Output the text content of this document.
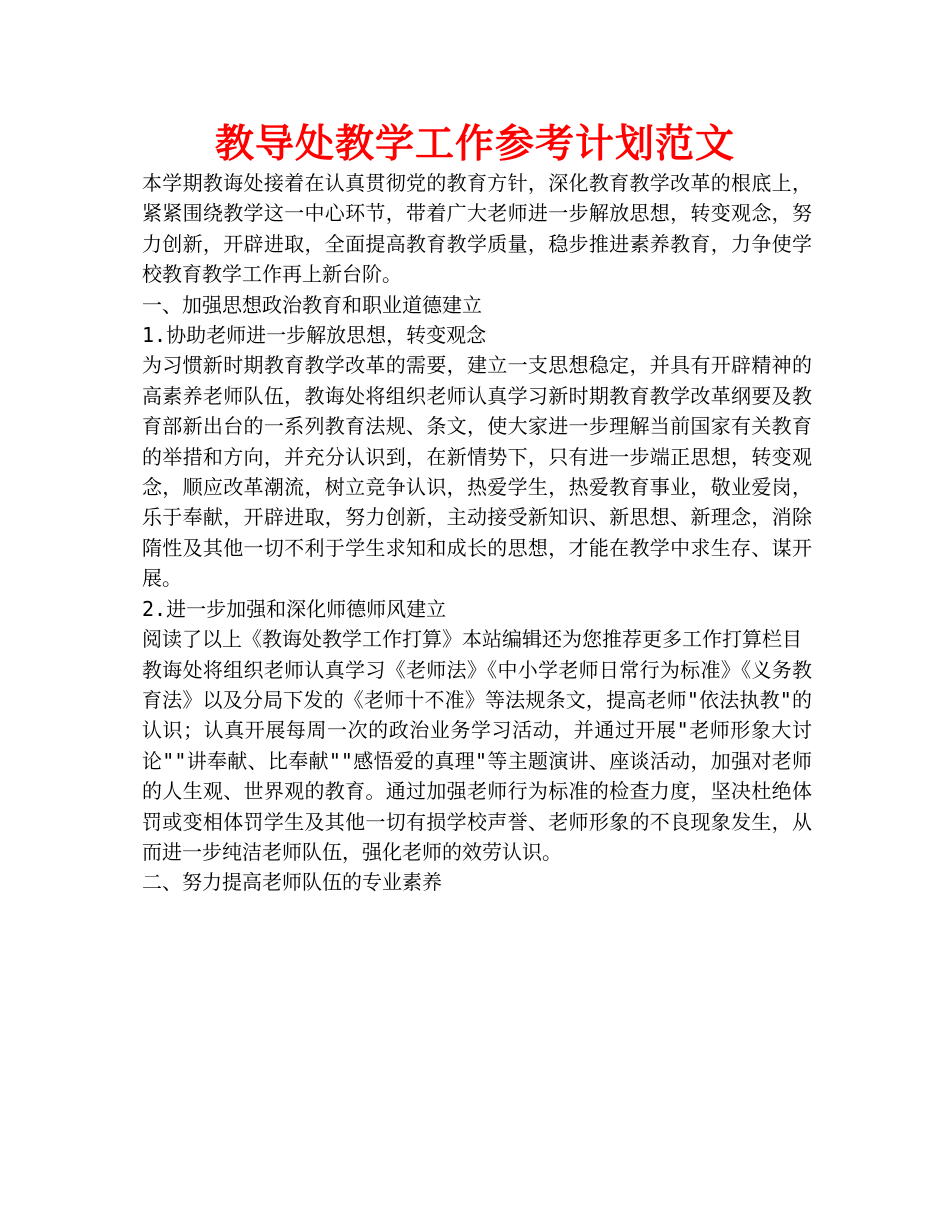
教导处教学工作参考计划范文

本学期教诲处接着在认真贯彻党的教育方针，深化教育教学改革的根底上，紧紧围绕教学这一中心环节，带着广大老师进一步解放思想，转变观念，努力创新，开辟进取，全面提高教育教学质量，稳步推进素养教育，力争使学校教育教学工作再上新台阶。

一、加强思想政治教育和职业道德建立

1.协助老师进一步解放思想，转变观念

为习惯新时期教育教学改革的需要，建立一支思想稳定，并具有开辟精神的高素养老师队伍，教诲处将组织老师认真学习新时期教育教学改革纲要及教育部新出台的一系列教育法规、条文，使大家进一步理解当前国家有关教育的举措和方向，并充分认识到，在新情势下，只有进一步端正思想，转变观念，顺应改革潮流，树立竞争认识，热爱学生，热爱教育事业，敬业爱岗，乐于奉献，开辟进取，努力创新，主动接受新知识、新思想、新理念，消除隋性及其他一切不利于学生求知和成长的思想，才能在教学中求生存、谋开展。

2.进一步加强和深化师德师风建立

阅读了以上《教诲处教学工作打算》本站编辑还为您推荐更多工作打算栏目

教诲处将组织老师认真学习《老师法》《中小学老师日常行为标准》《义务教育法》以及分局下发的《老师十不准》等法规条文，提高老师"依法执教"的认识；认真开展每周一次的政治业务学习活动，并通过开展"老师形象大讨论""讲奉献、比奉献""感悟爱的真理"等主题演讲、座谈活动，加强对老师的人生观、世界观的教育。通过加强老师行为标准的检查力度，坚决杜绝体罚或变相体罚学生及其他一切有损学校声誉、老师形象的不良现象发生，从而进一步纯洁老师队伍，强化老师的效劳认识。

二、努力提高老师队伍的专业素养
